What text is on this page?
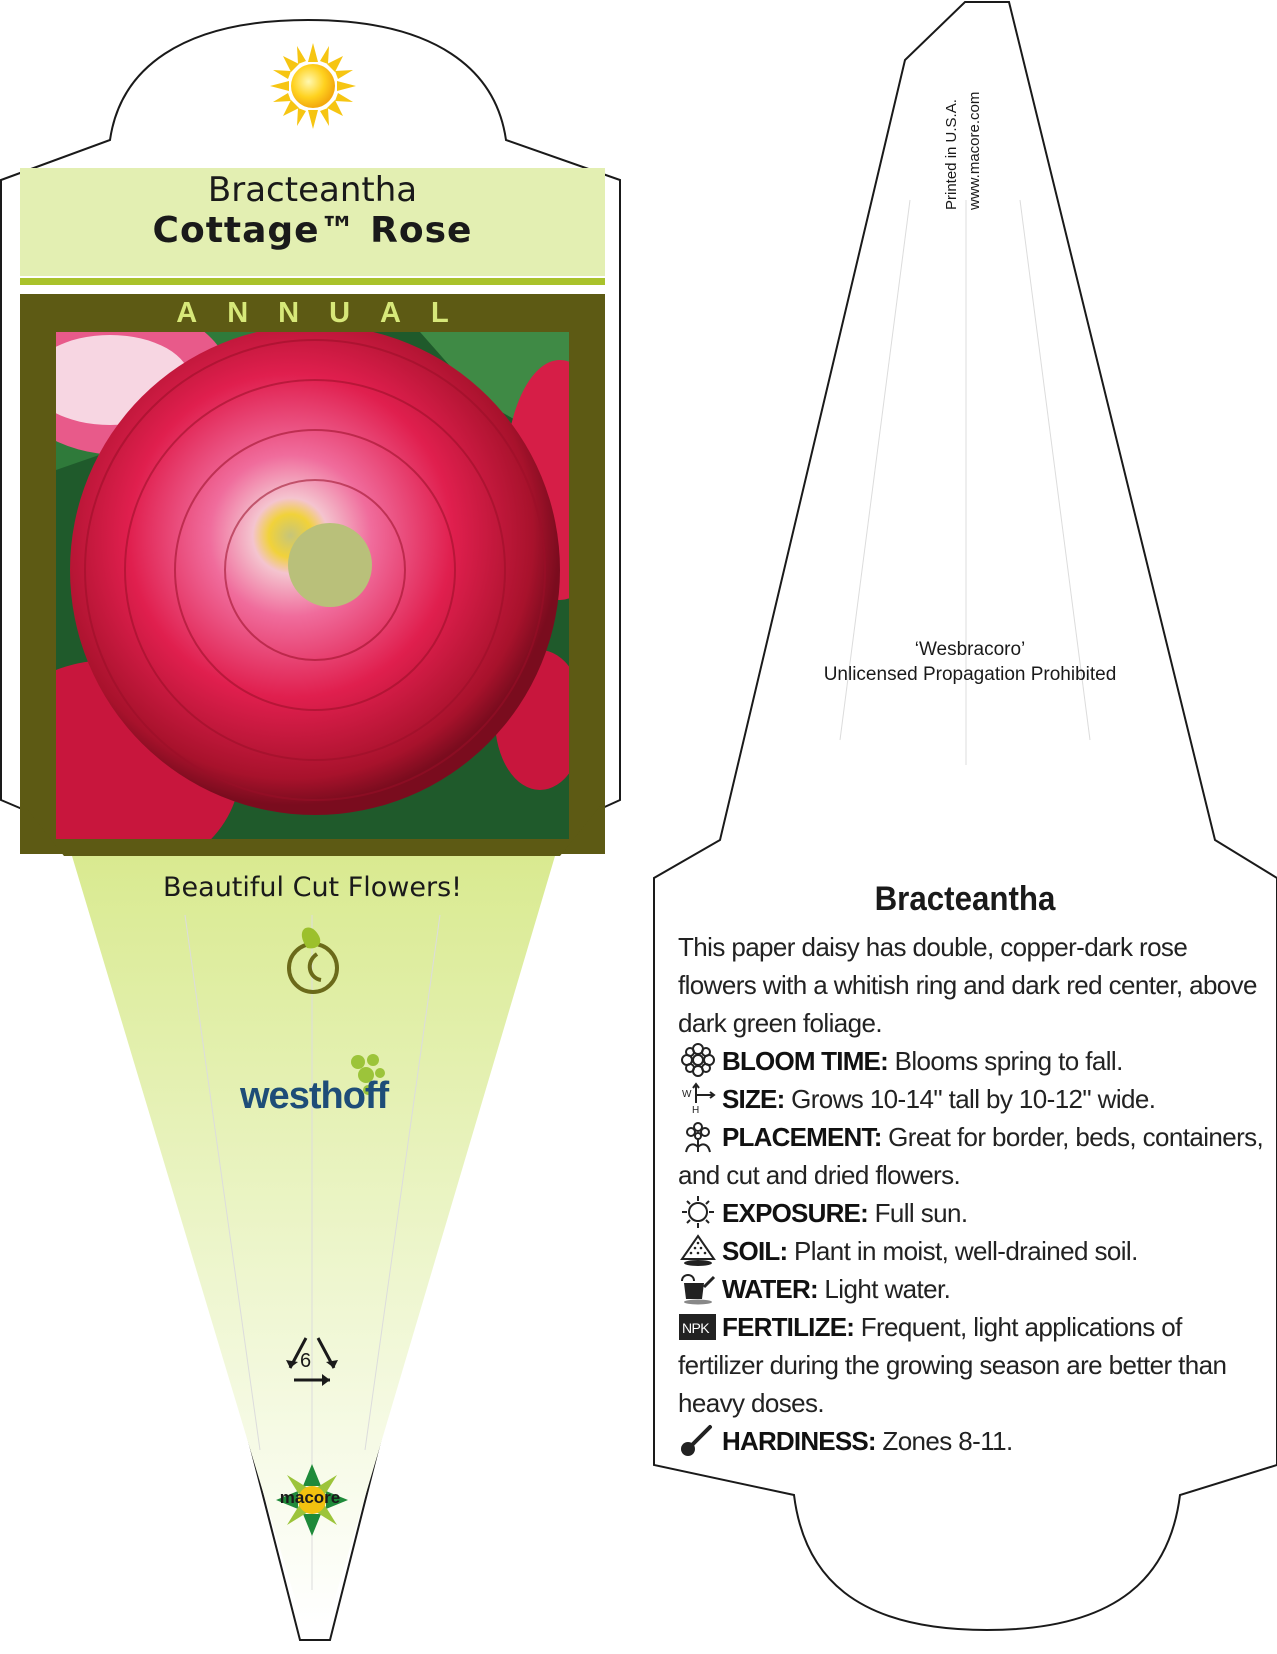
Bracteantha
Cottage™ Rose
ANNUAL
Beautiful Cut Flowers!
westhoff
6
macore
Printed in U.S.A. www.macore.com
‘Wesbracoro’
Unlicensed Propagation Prohibited
Bracteantha
This paper daisy has double, copper-dark rose flowers with a whitish ring and dark red center, above dark green foliage.
BLOOM TIME: Blooms spring to fall.
W
H SIZE: Grows 10-14" tall by 10-12" wide.
PLACEMENT: Great for border, beds, containers, and cut and dried flowers.
EXPOSURE: Full sun.
SOIL: Plant in moist, well-drained soil.
WATER: Light water.
NPK FERTILIZE: Frequent, light applications of fertilizer during the growing season are better than heavy doses.
HARDINESS: Zones 8-11.
